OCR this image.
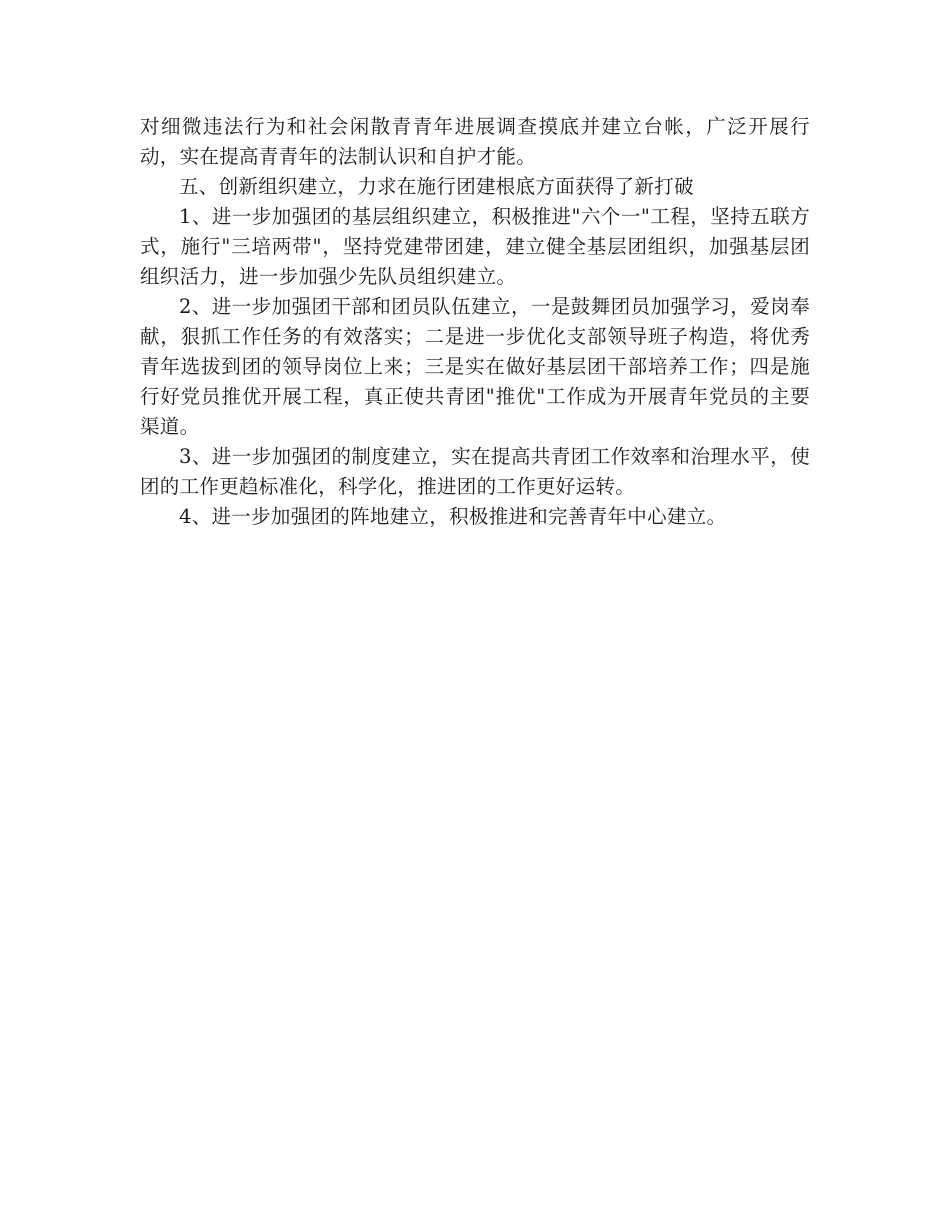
对细微违法行为和社会闲散青青年进展调查摸底并建立台帐，广泛开展行动，实在提高青青年的法制认识和自护才能。

五、创新组织建立，力求在施行团建根底方面获得了新打破

1、进一步加强团的基层组织建立，积极推进"六个一"工程，坚持五联方式，施行"三培两带"，坚持党建带团建，建立健全基层团组织，加强基层团组织活力，进一步加强少先队员组织建立。

2、进一步加强团干部和团员队伍建立，一是鼓舞团员加强学习，爱岗奉献，狠抓工作任务的有效落实；二是进一步优化支部领导班子构造，将优秀青年选拔到团的领导岗位上来；三是实在做好基层团干部培养工作；四是施行好党员推优开展工程，真正使共青团"推优"工作成为开展青年党员的主要渠道。

3、进一步加强团的制度建立，实在提高共青团工作效率和治理水平，使团的工作更趋标准化，科学化，推进团的工作更好运转。

4、进一步加强团的阵地建立，积极推进和完善青年中心建立。
